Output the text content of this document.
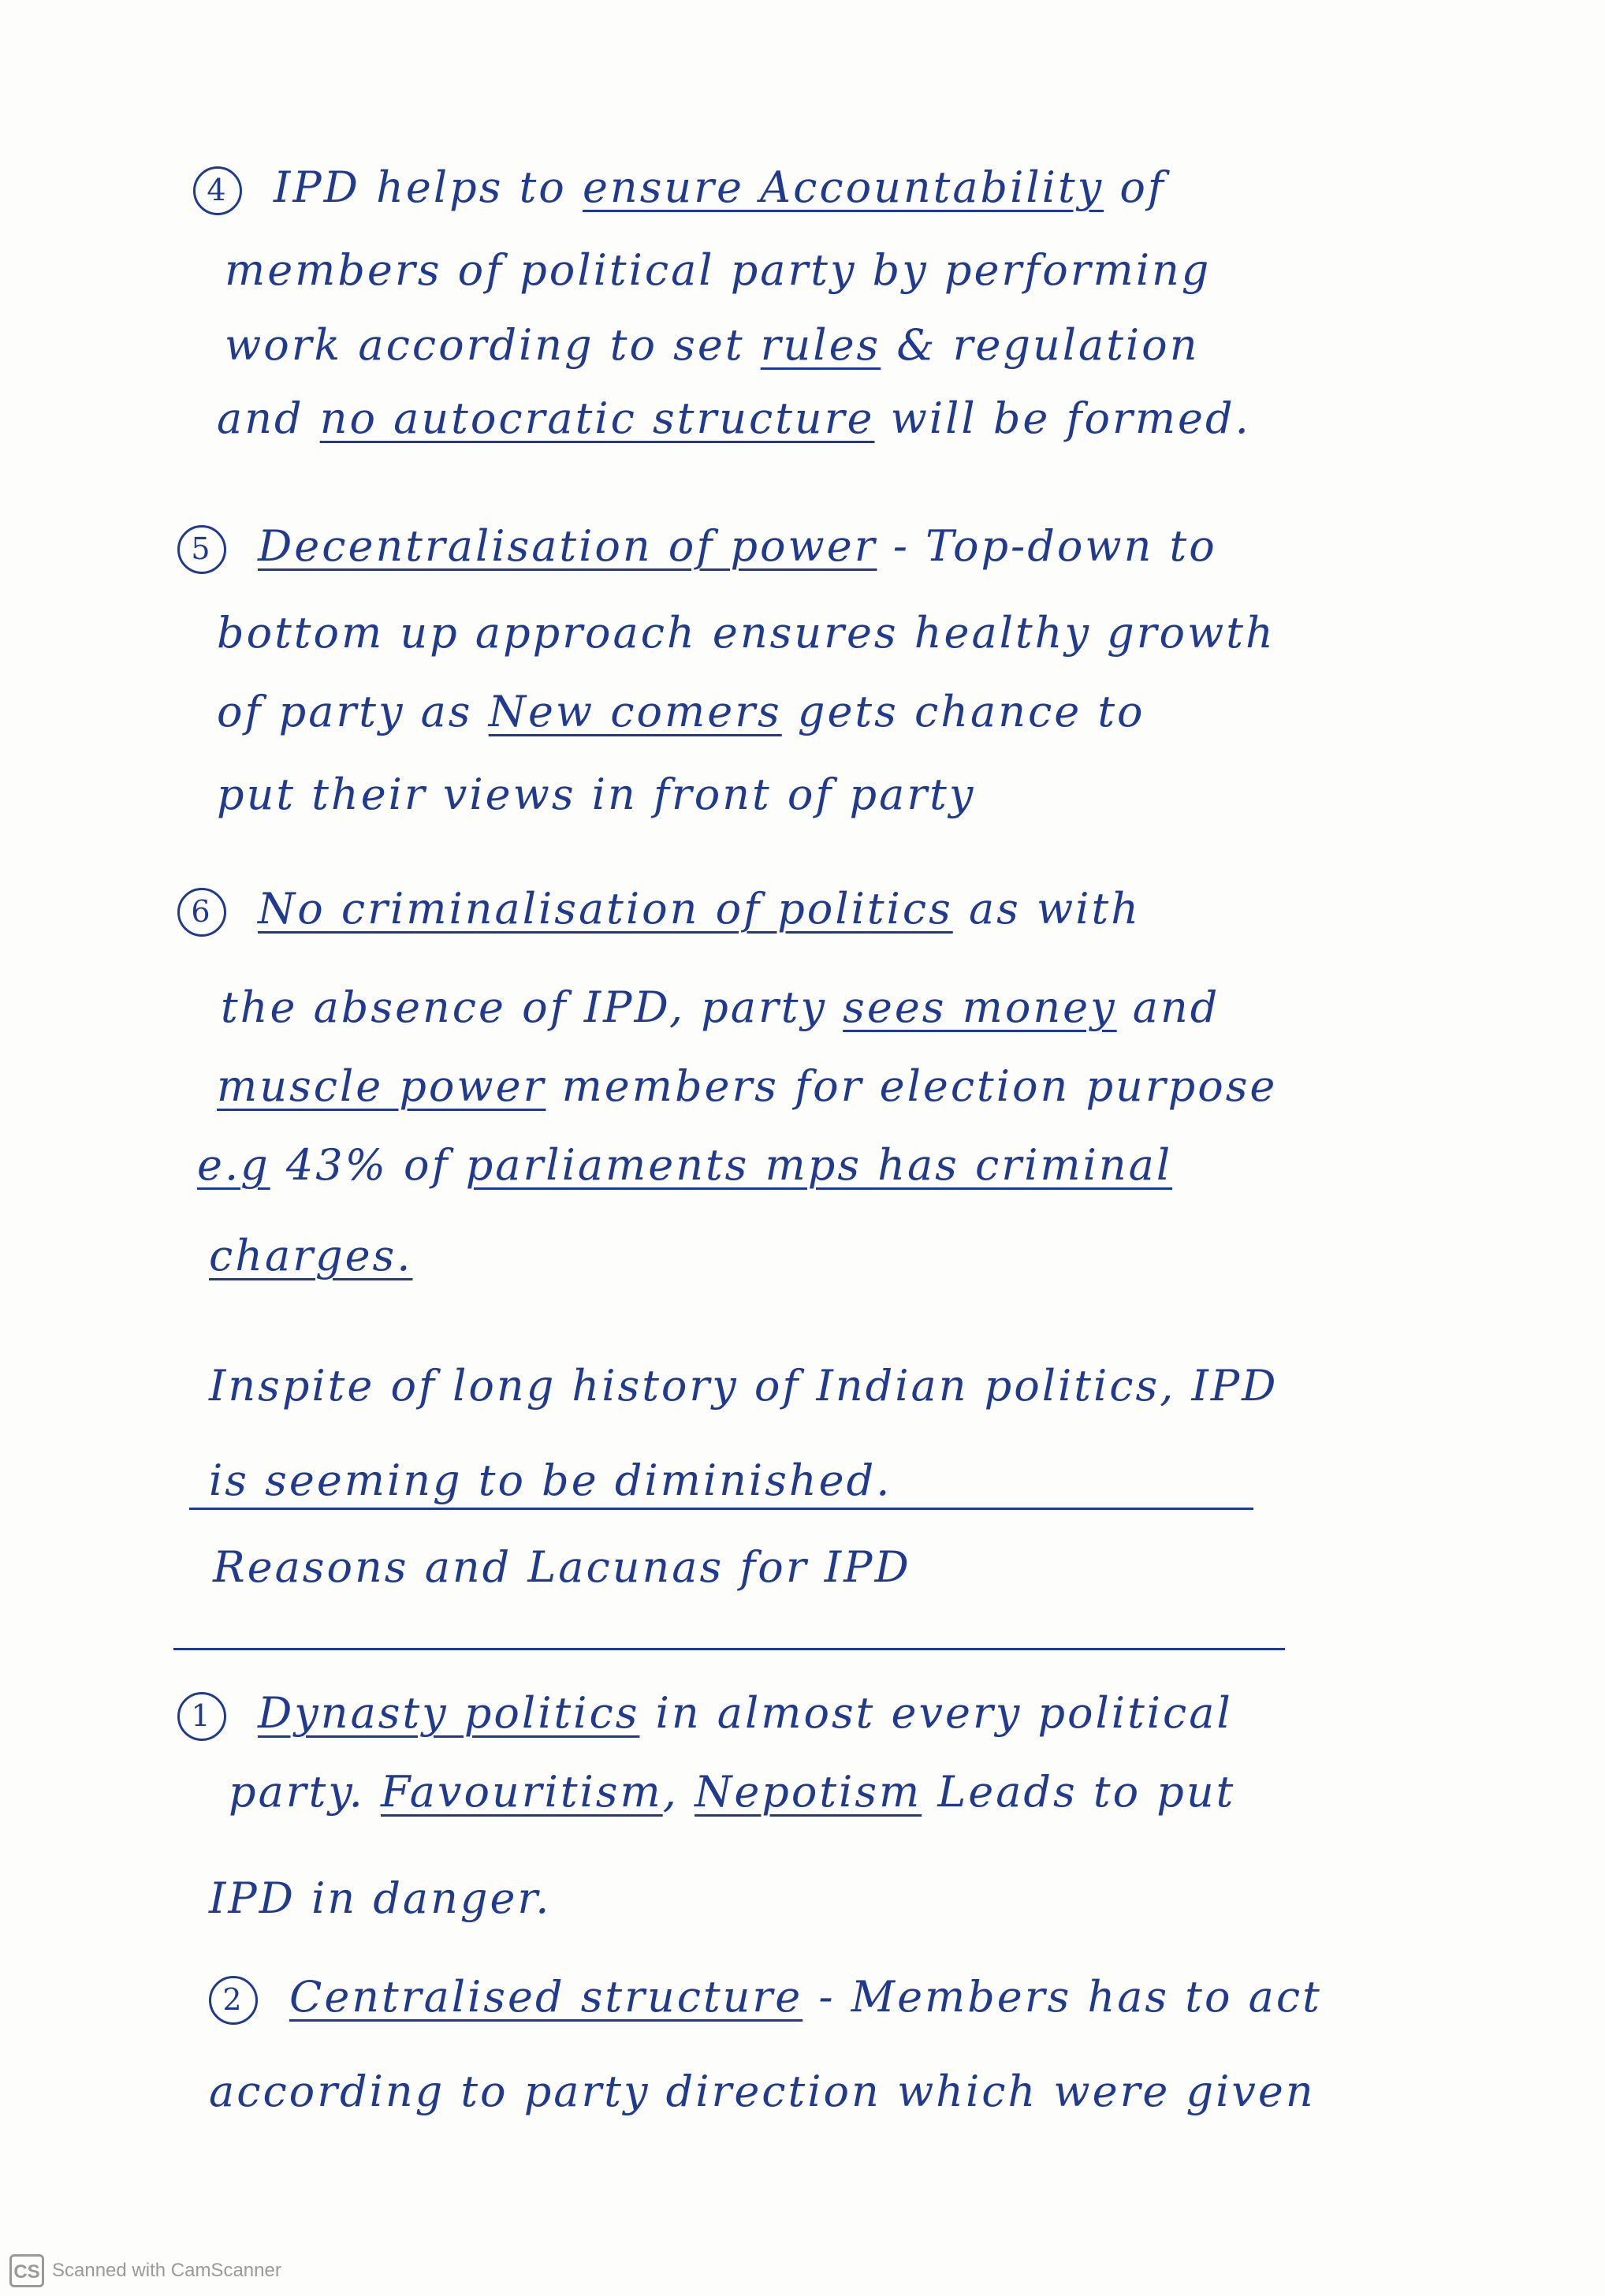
4 IPD helps to ensure Accountability of
members of political party by performing
work according to set rules & regulation
and no autocratic structure will be formed.
5 Decentralisation of power - Top-down to
bottom up approach ensures healthy growth
of party as New comers gets chance to
put their views in front of party
6 No criminalisation of politics as with
the absence of IPD, party sees money and
muscle power members for election purpose
e.g 43% of parliaments mps has criminal
charges.
Inspite of long history of Indian politics, IPD
is seeming to be diminished.
Reasons and Lacunas for IPD
1 Dynasty politics in almost every political
party. Favouritism, Nepotism Leads to put
IPD in danger.
2 Centralised structure - Members has to act
according to party direction which were given
CS Scanned with CamScanner
